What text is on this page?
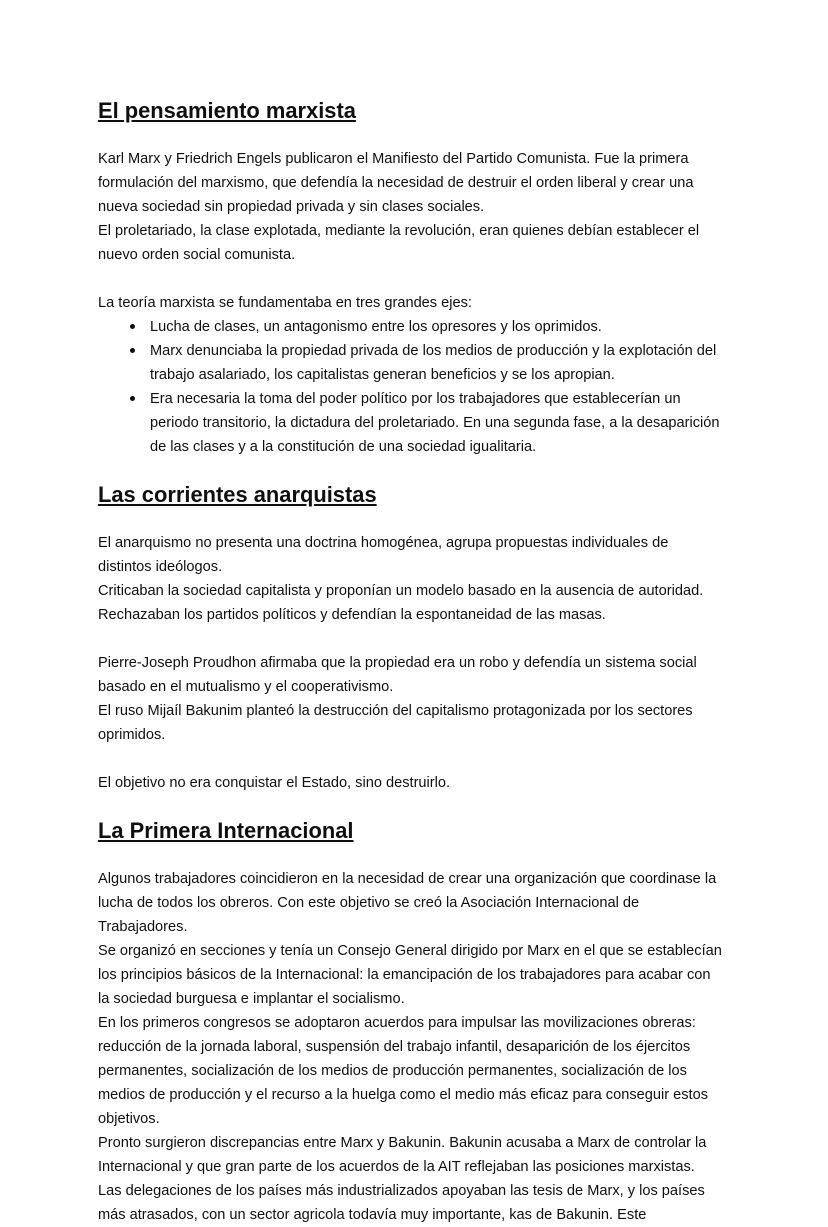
El pensamiento marxista

Karl Marx y Friedrich Engels publicaron el Manifiesto del Partido Comunista. Fue la primera formulación del marxismo, que defendía la necesidad de destruir el orden liberal y crear una nueva sociedad sin propiedad privada y sin clases sociales.

El proletariado, la clase explotada, mediante la revolución, eran quienes debían establecer el nuevo orden social comunista.

La teoría marxista se fundamentaba en tres grandes ejes:

Lucha de clases, un antagonismo entre los opresores y los oprimidos.
Marx denunciaba la propiedad privada de los medios de producción y la explotación del trabajo asalariado, los capitalistas generan beneficios y se los apropian.
Era necesaria la toma del poder político por los trabajadores que establecerían un periodo transitorio, la dictadura del proletariado. En una segunda fase, a la desaparición de las clases y a la constitución de una sociedad igualitaria.
Las corrientes anarquistas

El anarquismo no presenta una doctrina homogénea, agrupa propuestas individuales de distintos ideólogos.

Criticaban la sociedad capitalista y proponían un modelo basado en la ausencia de autoridad. Rechazaban los partidos políticos y defendían la espontaneidad de las masas.

Pierre-Joseph Proudhon afirmaba que la propiedad era un robo y defendía un sistema social basado en el mutualismo y el cooperativismo.

El ruso Mijaíl Bakunim planteó la destrucción del capitalismo protagonizada por los sectores oprimidos.

El objetivo no era conquistar el Estado, sino destruirlo.

La Primera Internacional

Algunos trabajadores coincidieron en la necesidad de crear una organización que coordinase la lucha de todos los obreros. Con este objetivo se creó la Asociación Internacional de Trabajadores.

Se organizó en secciones y tenía un Consejo General dirigido por Marx en el que se establecían los principios básicos de la Internacional: la emancipación de los trabajadores para acabar con la sociedad burguesa e implantar el socialismo.

En los primeros congresos se adoptaron acuerdos para impulsar las movilizaciones obreras: reducción de la jornada laboral, suspensión del trabajo infantil, desaparición de los éjercitos permanentes, socialización de los medios de producción permanentes, socialización de los medios de producción y el recurso a la huelga como el medio más eficaz para conseguir estos objetivos.

Pronto surgieron discrepancias entre Marx y Bakunin. Bakunin acusaba a Marx de controlar la Internacional y que gran parte de los acuerdos de la AIT reflejaban las posiciones marxistas.

Las delegaciones de los países más industrializados apoyaban las tesis de Marx, y los países más atrasados, con un sector agricola todavía muy importante, kas de Bakunin. Este
